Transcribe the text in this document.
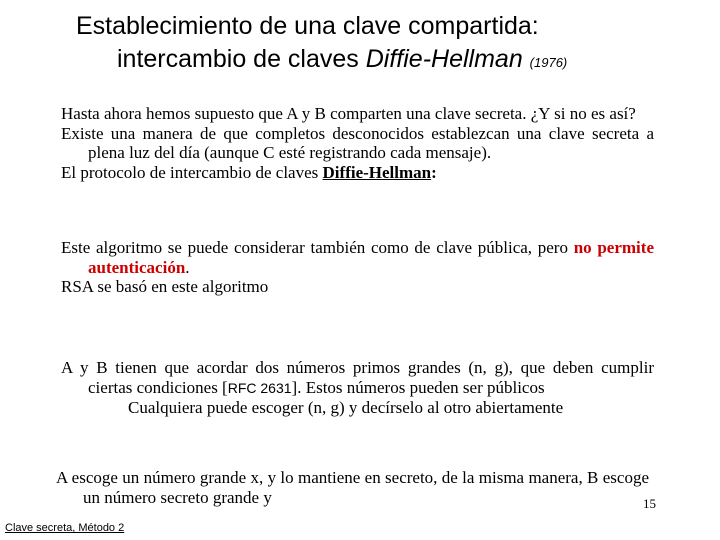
Establecimiento de una clave compartida:
intercambio de claves Diffie-Hellman (1976)

Hasta ahora hemos supuesto que A y B comparten una clave secreta. ¿Y si no es así?

Existe una manera de que completos desconocidos establezcan una clave secreta a plena luz del día (aunque C esté registrando cada mensaje).

El protocolo de intercambio de claves Diffie-Hellman:

Este algoritmo se puede considerar también como de clave pública, pero no permite autenticación.

RSA se basó en este algoritmo

A y B tienen que acordar dos números primos grandes (n, g), que deben cumplir ciertas condiciones [RFC 2631]. Estos números pueden ser públicos
Cualquiera puede escoger (n, g) y decírselo al otro abiertamente

A escoge un número grande x, y lo mantiene en secreto, de la misma manera, B escoge un número secreto grande y	15
Clave secreta, Método 2
